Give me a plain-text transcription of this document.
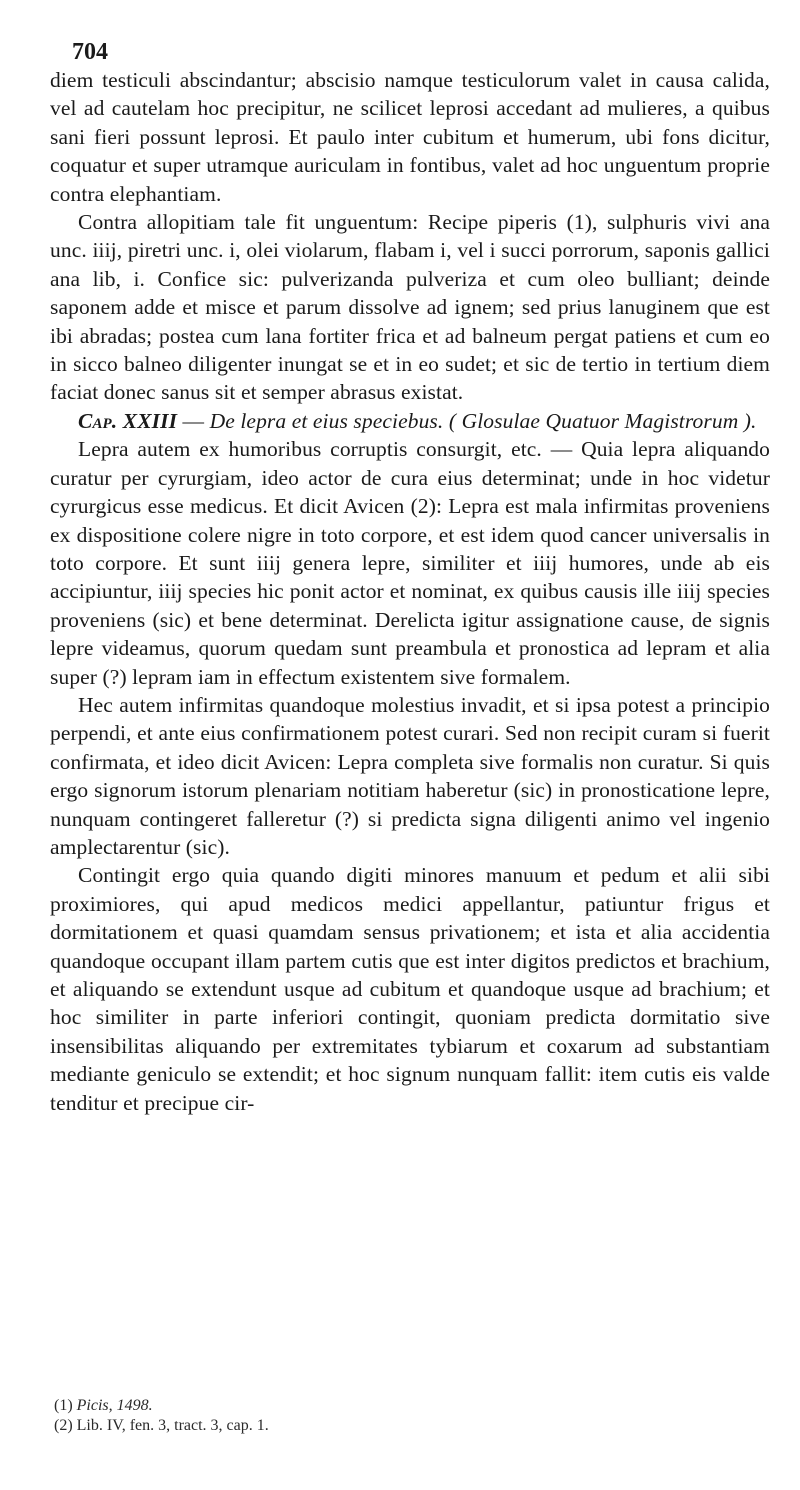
704

diem testiculi abscindantur; abscisio namque testiculorum valet in causa calida, vel ad cautelam hoc precipitur, ne scilicet leprosi accedant ad mulieres, a quibus sani fieri possunt leprosi. Et paulo inter cubitum et humerum, ubi fons dicitur, coquatur et super utramque auriculam in fontibus, valet ad hoc unguentum proprie contra elephantiam.

Contra allopitiam tale fit unguentum: Recipe piperis (1), sulphuris vivi ana unc. iiij, piretri unc. i, olei violarum, flabam i, vel i succi porrorum, saponis gallici ana lib, i. Confice sic: pulverizanda pulveriza et cum oleo bulliant; deinde saponem adde et misce et parum dissolve ad ignem; sed prius lanuginem que est ibi abradas; postea cum lana fortiter frica et ad balneum pergat patiens et cum eo in sicco balneo diligenter inungat se et in eo sudet; et sic de tertio in tertium diem faciat donec sanus sit et semper abrasus existat.

Cap. XXIII — De lepra et eius speciebus. ( Glosulae Quatuor Magistrorum ).

Lepra autem ex humoribus corruptis consurgit, etc. — Quia lepra aliquando curatur per cyrurgiam, ideo actor de cura eius determinat; unde in hoc videtur cyrurgicus esse medicus. Et dicit Avicen (2): Lepra est mala infirmitas proveniens ex dispositione colere nigre in toto corpore, et est idem quod cancer universalis in toto corpore. Et sunt iiij genera lepre, similiter et iiij humores, unde ab eis accipiuntur, iiij species hic ponit actor et nominat, ex quibus causis ille iiij species proveniens (sic) et bene determinat. Derelicta igitur assignatione cause, de signis lepre videamus, quorum quedam sunt preambula et pronostica ad lepram et alia super (?) lepram iam in effectum existentem sive formalem.

Hec autem infirmitas quandoque molestius invadit, et si ipsa potest a principio perpendi, et ante eius confirmationem potest curari. Sed non recipit curam si fuerit confirmata, et ideo dicit Avicen: Lepra completa sive formalis non curatur. Si quis ergo signorum istorum plenariam notitiam haberetur (sic) in pronosticatione lepre, nunquam contingeret falleretur (?) si predicta signa diligenti animo vel ingenio amplectarentur (sic).

Contingit ergo quia quando digiti minores manuum et pedum et alii sibi proximiores, qui apud medicos medici appellantur, patiuntur frigus et dormitationem et quasi quamdam sensus privationem; et ista et alia accidentia quandoque occupant illam partem cutis que est inter digitos predictos et brachium, et aliquando se extendunt usque ad cubitum et quandoque usque ad brachium; et hoc similiter in parte inferiori contingit, quoniam predicta dormitatio sive insensibilitas aliquando per extremitates tybiarum et coxarum ad substantiam mediante geniculo se extendit; et hoc signum nunquam fallit: item cutis eis valde tenditur et precipue cir-

(1) Picis, 1498.
(2) Lib. IV, fen. 3, tract. 3, cap. 1.
